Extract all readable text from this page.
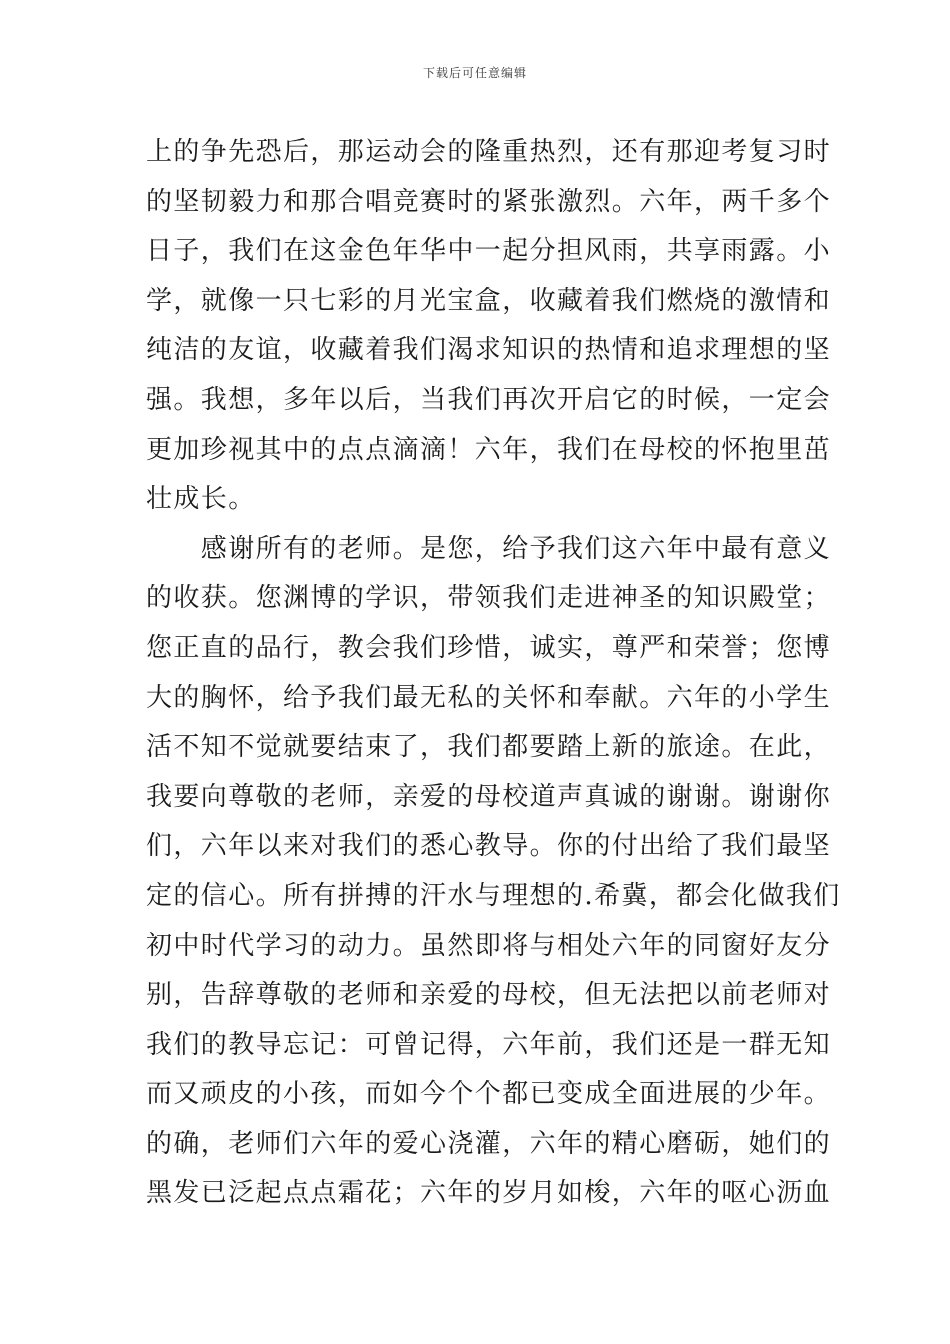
下载后可任意编辑
上的争先恐后，那运动会的隆重热烈，还有那迎考复习时
的坚韧毅力和那合唱竞赛时的紧张激烈。六年，两千多个
日子，我们在这金色年华中一起分担风雨，共享雨露。小
学，就像一只七彩的月光宝盒，收藏着我们燃烧的激情和
纯洁的友谊，收藏着我们渴求知识的热情和追求理想的坚
强。我想，多年以后，当我们再次开启它的时候，一定会
更加珍视其中的点点滴滴！六年，我们在母校的怀抱里茁
壮成长。
　　感谢所有的老师。是您，给予我们这六年中最有意义
的收获。您渊博的学识，带领我们走进神圣的知识殿堂；
您正直的品行，教会我们珍惜，诚实，尊严和荣誉；您博
大的胸怀，给予我们最无私的关怀和奉献。六年的小学生
活不知不觉就要结束了，我们都要踏上新的旅途。在此，
我要向尊敬的老师，亲爱的母校道声真诚的谢谢。谢谢你
们，六年以来对我们的悉心教导。你的付出给了我们最坚
定的信心。所有拼搏的汗水与理想的.希冀，都会化做我们
初中时代学习的动力。虽然即将与相处六年的同窗好友分
别，告辞尊敬的老师和亲爱的母校，但无法把以前老师对
我们的教导忘记：可曾记得，六年前，我们还是一群无知
而又顽皮的小孩，而如今个个都已变成全面进展的少年。
的确，老师们六年的爱心浇灌，六年的精心磨砺，她们的
黑发已泛起点点霜花；六年的岁月如梭，六年的呕心沥血
